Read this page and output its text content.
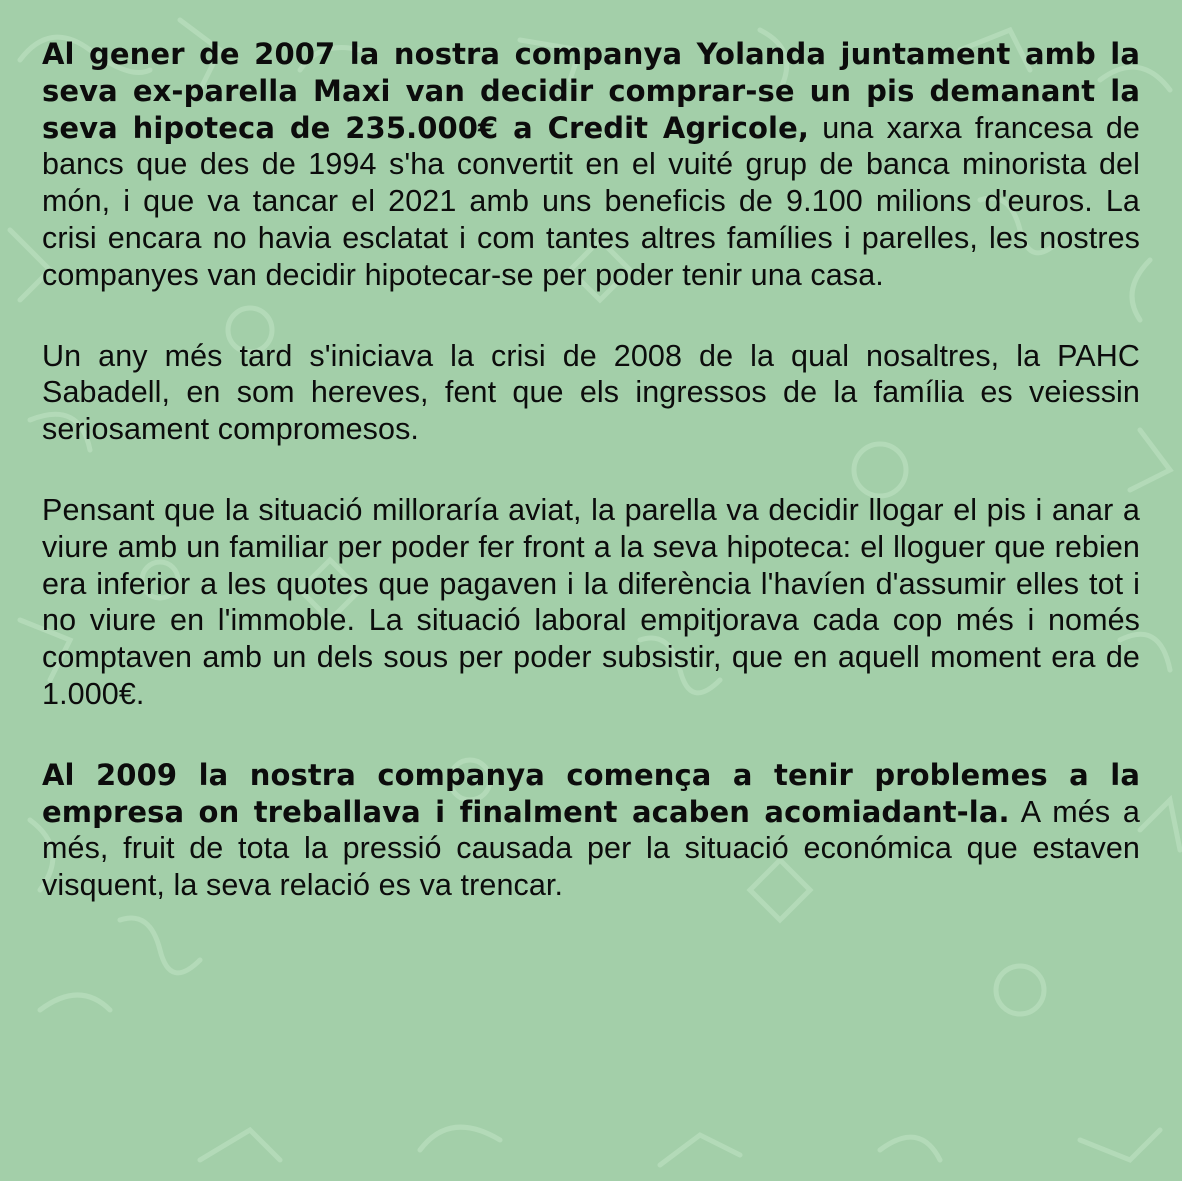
Al gener de 2007 la nostra companya Yolanda juntament amb la seva ex-parella Maxi van decidir comprar-se un pis demanant la seva hipoteca de 235.000€ a Credit Agricole, una xarxa francesa de bancs que des de 1994 s'ha convertit en el vuité grup de banca minorista del món, i que va tancar el 2021 amb uns beneficis de 9.100 milions d'euros. La crisi encara no havia esclatat i com tantes altres famílies i parelles, les nostres companyes van decidir hipotecar-se per poder tenir una casa.

Un any més tard s'iniciava la crisi de 2008 de la qual nosaltres, la PAHC Sabadell, en som hereves, fent que els ingressos de la família es veiessin seriosament compromesos.

Pensant que la situació milloraría aviat, la parella va decidir llogar el pis i anar a viure amb un familiar per poder fer front a la seva hipoteca: el lloguer que rebien era inferior a les quotes que pagaven i la diferència l'havíen d'assumir elles tot i no viure en l'immoble. La situació laboral empitjorava cada cop més i només comptaven amb un dels sous per poder subsistir, que en aquell moment era de 1.000€.

Al 2009 la nostra companya comença a tenir problemes a la empresa on treballava i finalment acaben acomiadant-la. A més a més, fruit de tota la pressió causada per la situació económica que estaven visquent, la seva relació es va trencar.
